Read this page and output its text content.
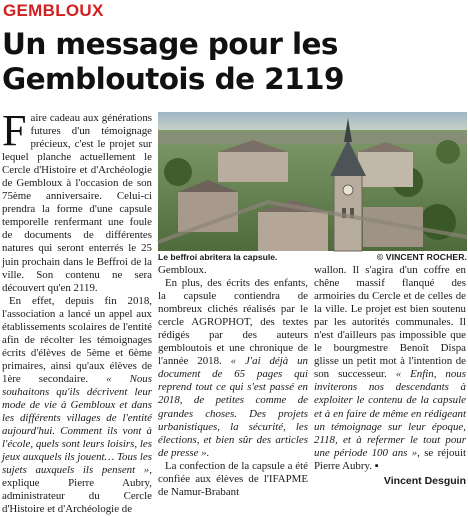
GEMBLOUX
Un message pour les
Gembloutois de 2119

Faire cadeau aux générations futures d'un témoignage précieux, c'est le projet sur lequel planche actuellement le Cercle d'Histoire et d'Archéologie de Gembloux à l'occasion de son 75ème anniversaire. Celui-ci prendra la forme d'une capsule temporelle renfermant une foule de documents de différentes natures qui seront enterrés le 25 juin prochain dans le Beffroi de la ville. Son contenu ne sera découvert qu'en 2119.

En effet, depuis fin 2018, l'association a lancé un appel aux établissements scolaires de l'entité afin de récolter les témoignages écrits d'élèves de 5ème et 6ème primaires, ainsi qu'aux élèves de 1ère secondaire. « Nous souhaitons qu'ils décrivent leur mode de vie à Gembloux et dans les différents villages de l'entité aujourd'hui. Comment ils vont à l'école, quels sont leurs loisirs, les jeux auxquels ils jouent… Tous les sujets auxquels ils pensent », explique Pierre Aubry, administrateur du Cercle d'Histoire et d'Archéologie de

Le beffroi abritera la capsule.	© VINCENT ROCHER.

Gembloux.

En plus, des écrits des enfants, la capsule contiendra de nombreux clichés réalisés par le cercle AGROPHOT, des textes rédigés par des auteurs gembloutois et une chronique de l'année 2018. « J'ai déjà un document de 65 pages qui reprend tout ce qui s'est passé en 2018, de petites comme de grandes choses. Des projets urbanistiques, la sécurité, les élections, et bien sûr des articles de presse ».

La confection de la capsule a été confiée aux élèves de l'IFAPME de Namur-Brabant

wallon. Il s'agira d'un coffre en chêne massif flanqué des armoiries du Cercle et de celles de la ville. Le projet est bien soutenu par les autorités communales. Il n'est d'ailleurs pas impossible que le bourgmestre Benoît Dispa glisse un petit mot à l'intention de son successeur. « Enfin, nous inviterons nos descendants à exploiter le contenu de la capsule et à en faire de même en rédigeant un témoignage sur leur époque, 2118, et à refermer le tout pour une période 100 ans », se réjouit Pierre Aubry. ▪

Vincent Desguin
